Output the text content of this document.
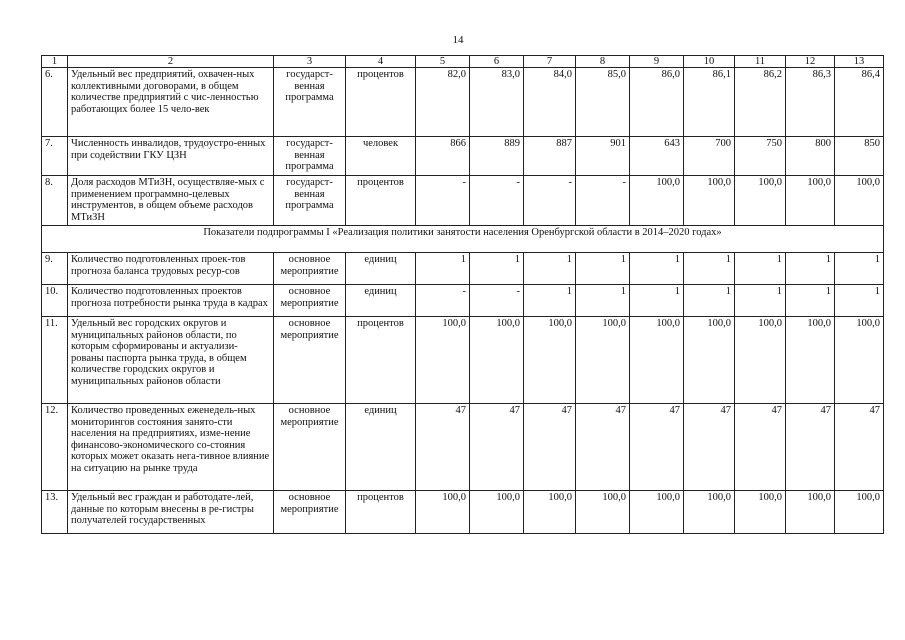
14
1	2	3	4	5	6	7	8	9	10	11	12	13
6.	Удельный вес предприятий, охвачен-ных коллективными договорами, в общем количестве предприятий с чис-ленностью работающих более 15 чело-век	государст-венная программа	процентов	82,0	83,0	84,0	85,0	86,0	86,1	86,2	86,3	86,4
7.	Численность инвалидов, трудоустро-енных при содействии ГКУ ЦЗН	государст-венная программа	человек	866	889	887	901	643	700	750	800	850
8.	Доля расходов МТиЗН, осуществляе-мых с применением программно-целевых инструментов, в общем объеме расходов МТиЗН	государст-венная программа	процентов	-	-	-	-	100,0	100,0	100,0	100,0	100,0
Показатели подпрограммы I «Реализация политики занятости населения Оренбургской области в 2014–2020 годах»												
9.	Количество подготовленных проек-тов прогноза баланса трудовых ресур-сов	основное мероприятие	единиц	1	1	1	1	1	1	1	1	1
10.	Количество подготовленных проектов прогноза потребности рынка труда в кадрах	основное мероприятие	единиц	-	-	1	1	1	1	1	1	1
11.	Удельный вес городских округов и муниципальных районов области, по которым сформированы и актуализи-рованы паспорта рынка труда, в общем количестве городских округов и муниципальных районов области	основное мероприятие	процентов	100,0	100,0	100,0	100,0	100,0	100,0	100,0	100,0	100,0
12.	Количество проведенных еженедель-ных мониторингов состояния занято-сти населения на предприятиях, изме-нение финансово-экономического со-стояния которых может оказать нега-тивное влияние на ситуацию на рынке труда	основное мероприятие	единиц	47	47	47	47	47	47	47	47	47
13.	Удельный вес граждан и работодате-лей, данные по которым внесены в ре-гистры получателей государственных	основное мероприятие	процентов	100,0	100,0	100,0	100,0	100,0	100,0	100,0	100,0	100,0
